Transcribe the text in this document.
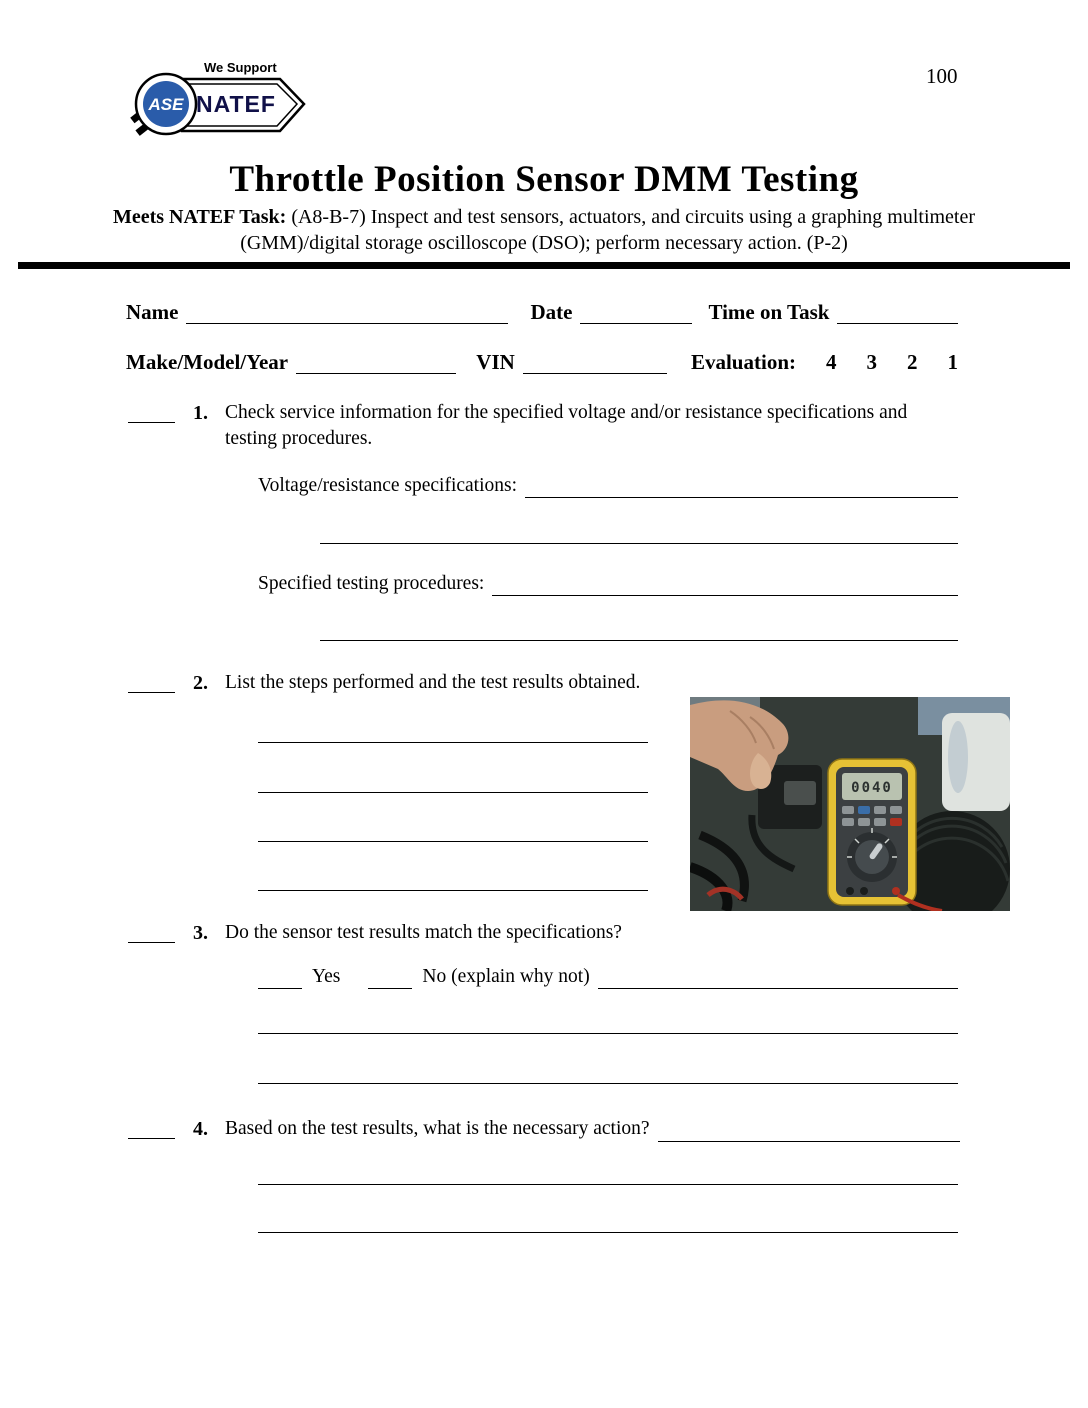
We Support
NATEF
ASE
100
Throttle Position Sensor DMM Testing
Meets NATEF Task: (A8-B-7) Inspect and test sensors, actuators, and circuits using a graphing multimeter (GMM)/digital storage oscilloscope (DSO); perform necessary action. (P-2)
Name	Date	Time on Task
Make/Model/Year	VIN	Evaluation: 4 3 2 1
1. Check service information for the specified voltage and/or resistance specifications and testing procedures.
Voltage/resistance specifications:
Specified testing procedures:
2. List the steps performed and the test results obtained.
0040
3. Do the sensor test results match the specifications?
Yes	No (explain why not)
4. Based on the test results, what is the necessary action?
